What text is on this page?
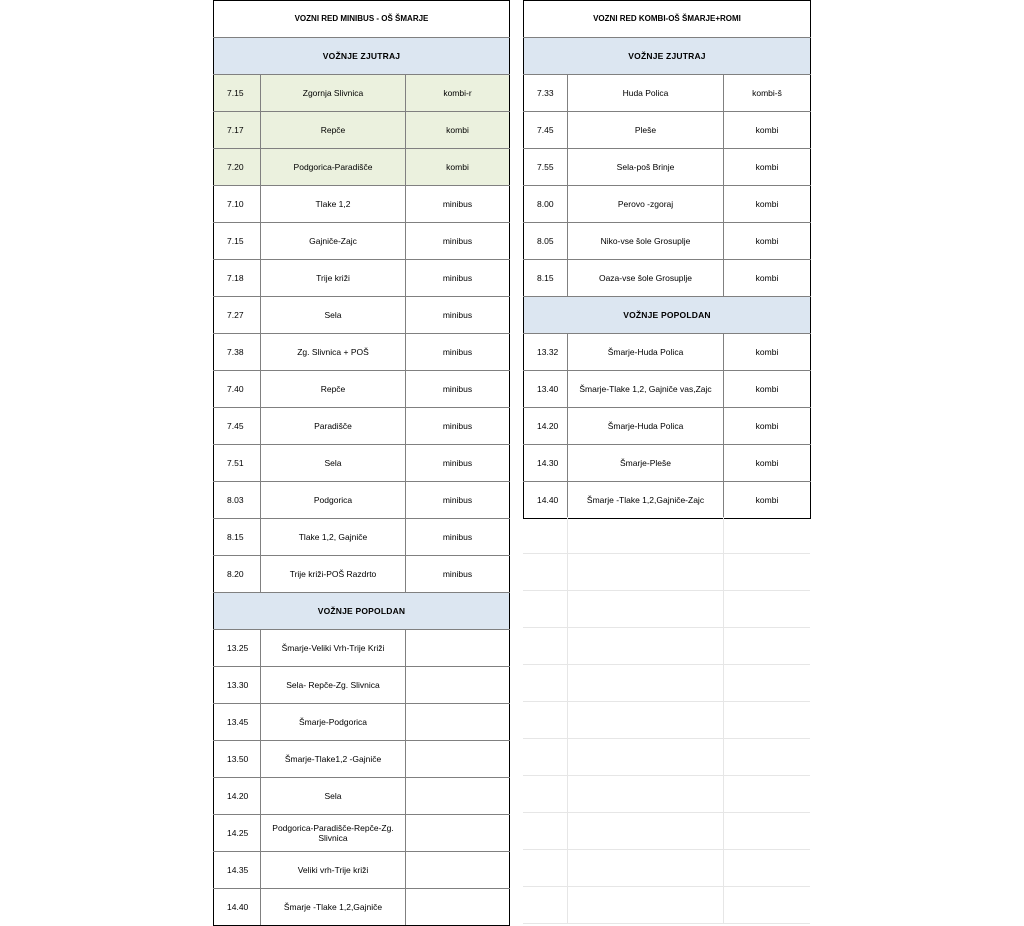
VOZNI RED MINIBUS - OŠ ŠMARJE		
VOŽNJE ZJUTRAJ		
7.15	Zgornja Slivnica	kombi-r
7.17	Repče	kombi
7.20	Podgorica-Paradišče	kombi
7.10	Tlake 1,2	minibus
7.15	Gajniče-Zajc	minibus
7.18	Trije križi	minibus
7.27	Sela	minibus
7.38	Zg. Slivnica + POŠ	minibus
7.40	Repče	minibus
7.45	Paradišče	minibus
7.51	Sela	minibus
8.03	Podgorica	minibus
8.15	Tlake 1,2, Gajniče	minibus
8.20	Trije križi-POŠ Razdrto	minibus
VOŽNJE POPOLDAN		
13.25	Šmarje-Veliki Vrh-Trije Križi	
13.30	Sela- Repče-Zg. Slivnica	
13.45	Šmarje-Podgorica	
13.50	Šmarje-Tlake1,2 -Gajniče	
14.20	Sela	
14.25	Podgorica-Paradišče-Repče-Zg. Slivnica	
14.35	Veliki vrh-Trije križi	
14.40	Šmarje -Tlake 1,2,Gajniče	
VOZNI RED KOMBI-OŠ ŠMARJE+ROMI		
VOŽNJE ZJUTRAJ		
7.33	Huda Polica	kombi-š
7.45	Pleše	kombi
7.55	Sela-poš Brinje	kombi
8.00	Perovo -zgoraj	kombi
8.05	Niko-vse šole Grosuplje	kombi
8.15	Oaza-vse šole Grosuplje	kombi
VOŽNJE POPOLDAN		
13.32	Šmarje-Huda Polica	kombi
13.40	Šmarje-Tlake 1,2, Gajniče vas,Zajc	kombi
14.20	Šmarje-Huda Polica	kombi
14.30	Šmarje-Pleše	kombi
14.40	Šmarje -Tlake 1,2,Gajniče-Zajc	kombi
